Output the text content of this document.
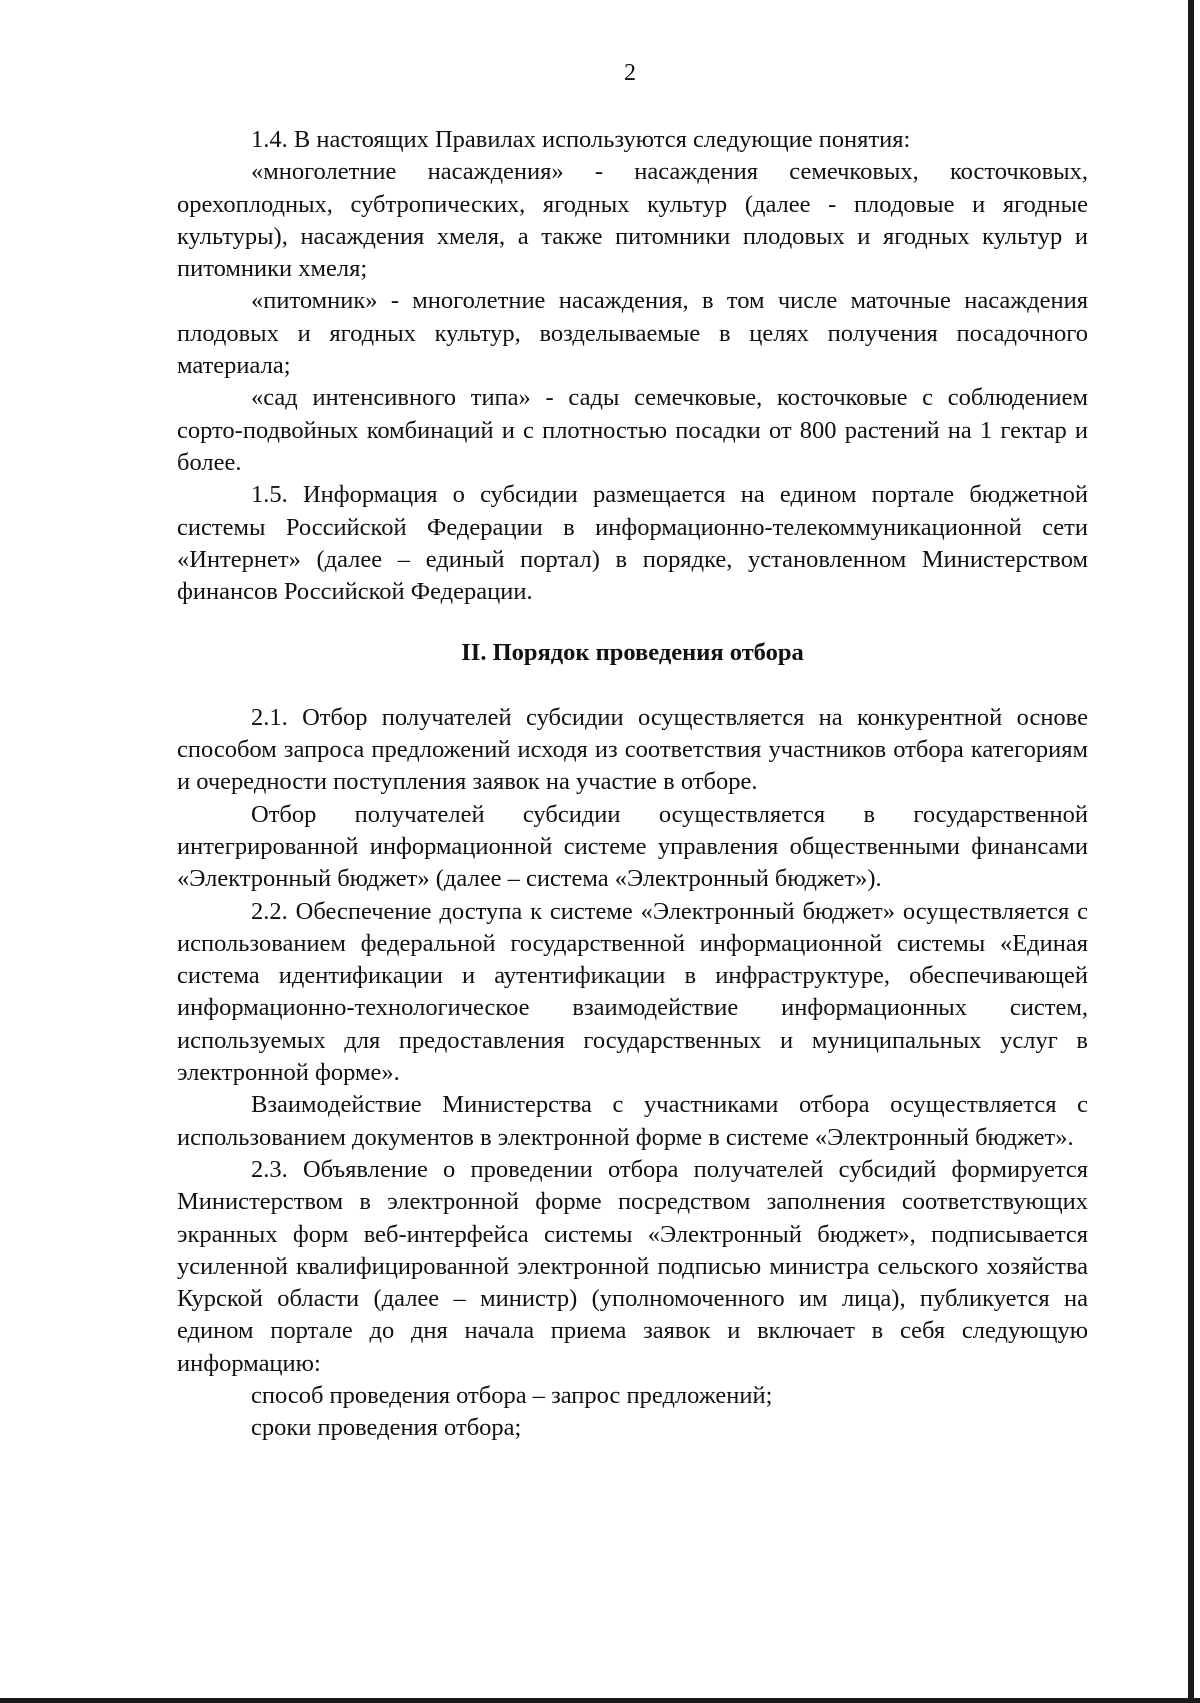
2

1.4. В настоящих Правилах используются следующие понятия:

«многолетние насаждения» - насаждения семечковых, косточковых, орехоплодных, субтропических, ягодных культур (далее - плодовые и ягодные культуры), насаждения хмеля, а также питомники плодовых и ягодных культур и питомники хмеля;

«питомник» - многолетние насаждения, в том числе маточные насаждения плодовых и ягодных культур, возделываемые в целях получения посадочного материала;

«сад интенсивного типа» - сады семечковые, косточковые с соблюдением сорто-подвойных комбинаций и с плотностью посадки от 800 растений на 1 гектар и более.

1.5. Информация о субсидии размещается на едином портале бюджетной системы Российской Федерации в информационно-телекоммуникационной сети «Интернет» (далее – единый портал) в порядке, установленном Министерством финансов Российской Федерации.

II. Порядок проведения отбора

2.1. Отбор получателей субсидии осуществляется на конкурентной основе способом запроса предложений исходя из соответствия участников отбора категориям и очередности поступления заявок на участие в отборе.

Отбор получателей субсидии осуществляется в государственной интегрированной информационной системе управления общественными финансами «Электронный бюджет» (далее – система «Электронный бюджет»).

2.2. Обеспечение доступа к системе «Электронный бюджет» осуществляется с использованием федеральной государственной информационной системы «Единая система идентификации и аутентификации в инфраструктуре, обеспечивающей информационно-технологическое взаимодействие информационных систем, используемых для предоставления государственных и муниципальных услуг в электронной форме».

Взаимодействие Министерства с участниками отбора осуществляется с использованием документов в электронной форме в системе «Электронный бюджет».

2.3. Объявление о проведении отбора получателей субсидий формируется Министерством в электронной форме посредством заполнения соответствующих экранных форм веб-интерфейса системы «Электронный бюджет», подписывается усиленной квалифицированной электронной подписью министра сельского хозяйства Курской области (далее – министр) (уполномоченного им лица), публикуется на едином портале до дня начала приема заявок и включает в себя следующую информацию:

способ проведения отбора – запрос предложений;

сроки проведения отбора;
